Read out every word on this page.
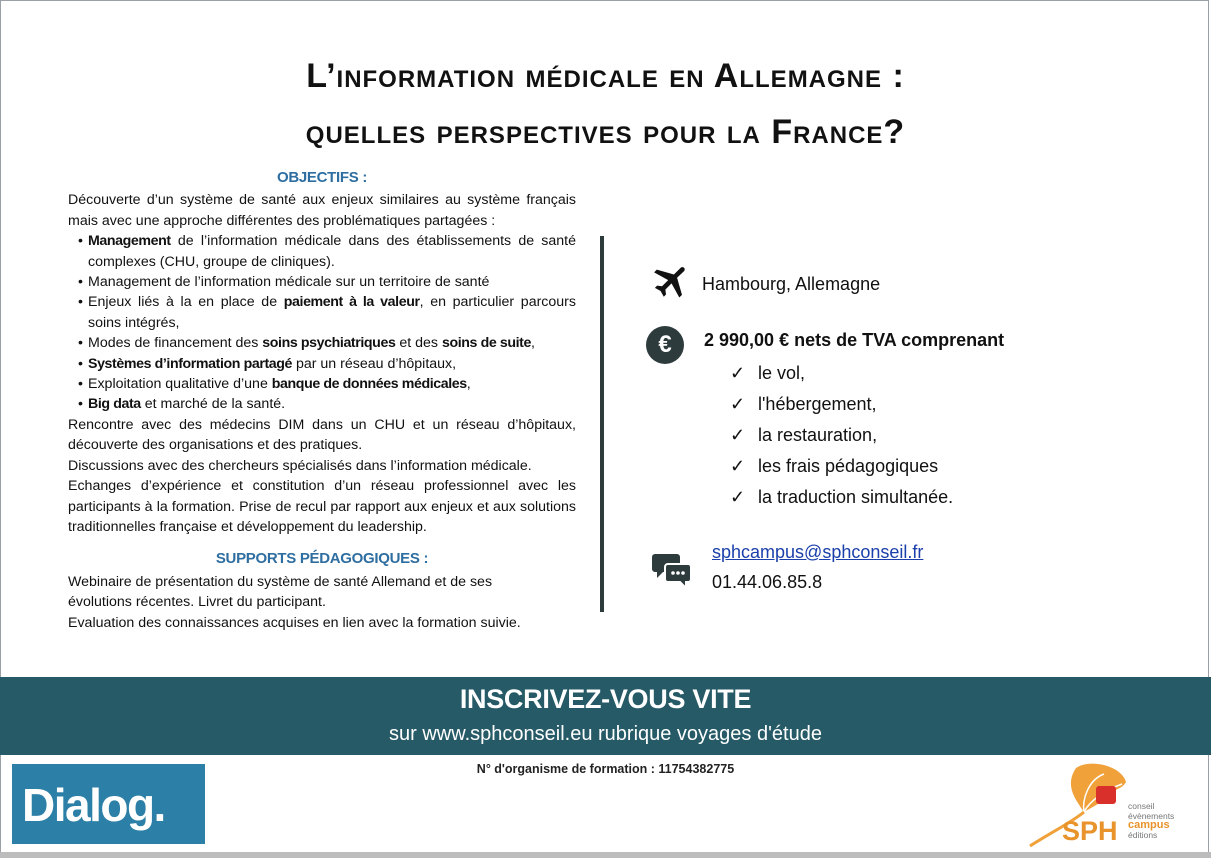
L’information médicale en Allemagne :
quelles perspectives pour la France?
OBJECTIFS :
Découverte d’un système de santé aux enjeux similaires au système français mais avec une approche différentes des problématiques partagées :
• Management de l’information médicale dans des établissements de santé complexes (CHU, groupe de cliniques).
• Management de l’information médicale sur un territoire de santé
• Enjeux liés à la en place de paiement à la valeur, en particulier parcours soins intégrés,
• Modes de financement des soins psychiatriques et des soins de suite,
• Systèmes d’information partagé par un réseau d’hôpitaux,
• Exploitation qualitative d’une banque de données médicales,
• Big data et marché de la santé.
Rencontre avec des médecins DIM dans un CHU et un réseau d’hôpitaux, découverte des organisations et des pratiques.
Discussions avec des chercheurs spécialisés dans l’information médicale.
Echanges d’expérience et constitution d’un réseau professionnel avec les participants à la formation. Prise de recul par rapport aux enjeux et aux solutions traditionnelles française et développement du leadership.
SUPPORTS PÉDAGOGIQUES :
Webinaire de présentation du système de santé Allemand et de ses évolutions récentes. Livret du participant.
Evaluation des connaissances acquises en lien avec la formation suivie.
Hambourg, Allemagne
€	2 990,00 € nets de TVA comprenant
✓ le vol,
✓ l'hébergement,
✓ la restauration,
✓ les frais pédagogiques
✓ la traduction simultanée.
sphcampus@sphconseil.fr
01.44.06.85.8
INSCRIVEZ-VOUS VITE
sur www.sphconseil.eu rubrique voyages d'étude
N° d'organisme de formation : 11754382775
Dialog.	SPH
conseil
évènements
campus
éditions
